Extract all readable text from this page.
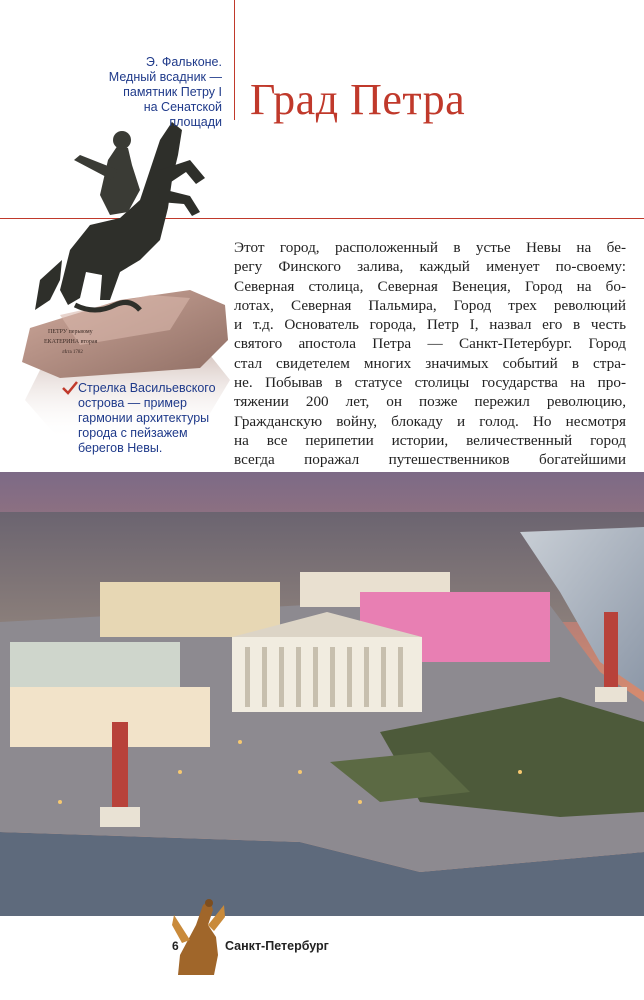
ПЕТРУ перьвому
ЕКАТЕРИНА вторая
лѣта 1782
Э. Фальконе.
Медный всадник —
памятник Петру I
на Сенатской
площади Град Петра
Этот город, расположенный в устье Невы на бе-
регу Финского залива, каждый именует по-своему:
Северная столица, Северная Венеция, Город на бо-
лотах, Северная Пальмира, Город трех революций
и т.д. Основатель города, Петр I, назвал его в честь
святого апостола Петра — Санкт-Петербург. Город
стал свидетелем многих значимых событий в стра-
не. Побывав в статусе столицы государства на про-
тяжении 200 лет, он позже пережил революцию,
Гражданскую войну, блокаду и голод. Но несмотря
на все перипетии истории, величественный город
всегда поражал путешественников богатейшими
Стрелка Васильевского
острова — пример
гармонии архитектуры
города с пейзажем
берегов Невы.
6	Санкт-Петербург
